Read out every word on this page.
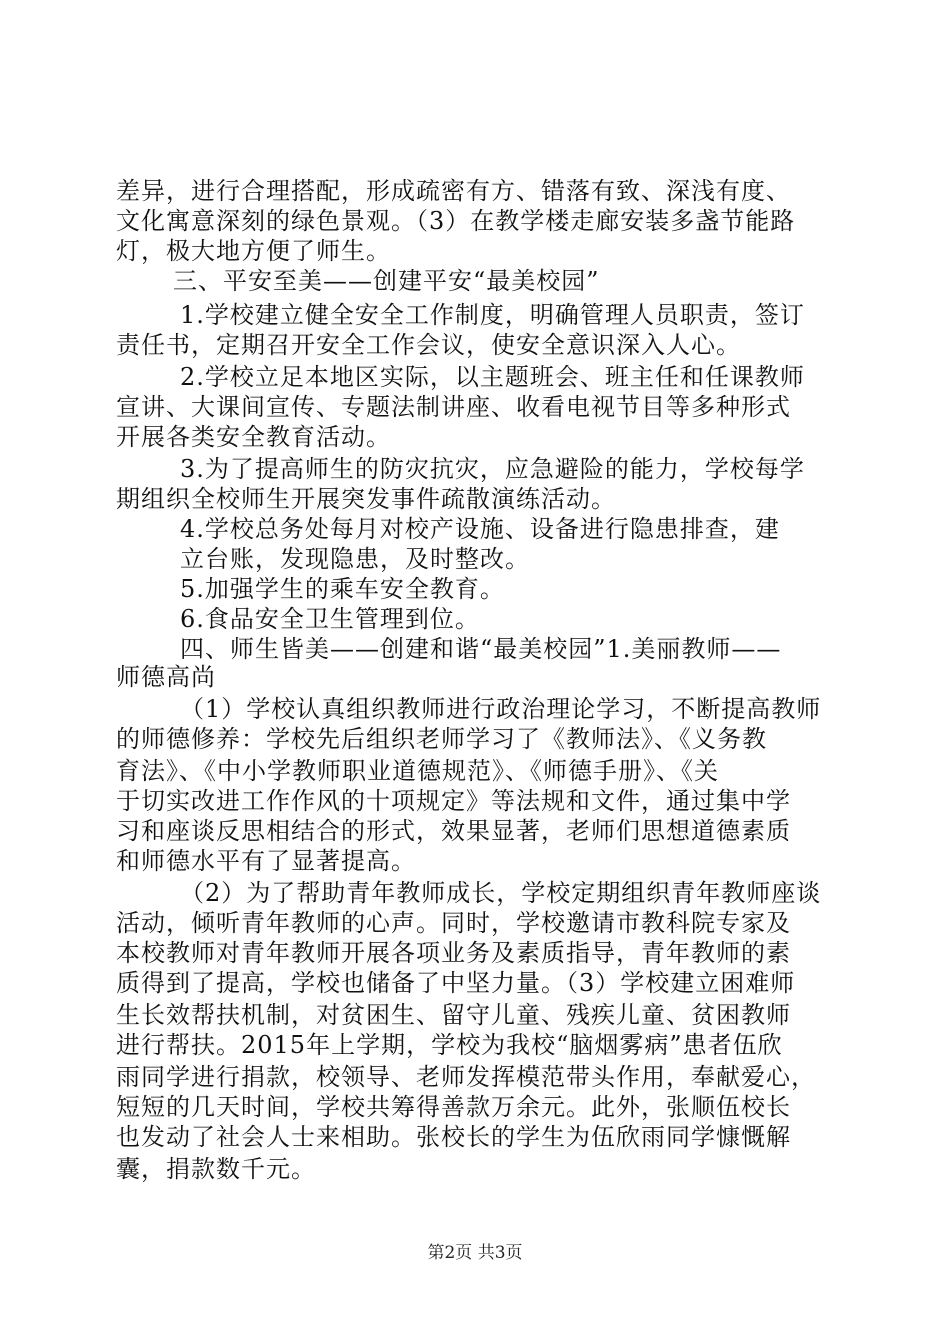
差异，进行合理搭配，形成疏密有方、错落有致、深浅有度、
文化寓意深刻的绿色景观。（3）在教学楼走廊安装多盏节能路
灯，极大地方便了师生。
三、平安至美——创建平安“最美校园”
1.学校建立健全安全工作制度，明确管理人员职责，签订
责任书，定期召开安全工作会议，使安全意识深入人心。
2.学校立足本地区实际，以主题班会、班主任和任课教师
宣讲、大课间宣传、专题法制讲座、收看电视节目等多种形式
开展各类安全教育活动。
3.为了提高师生的防灾抗灾，应急避险的能力，学校每学
期组织全校师生开展突发事件疏散演练活动。
4.学校总务处每月对校产设施、设备进行隐患排查，建
立台账，发现隐患，及时整改。
5.加强学生的乘车安全教育。
6.食品安全卫生管理到位。
四、师生皆美——创建和谐“最美校园”1.美丽教师——
师德高尚
（1）学校认真组织教师进行政治理论学习，不断提高教师
的师德修养：学校先后组织老师学习了《教师法》、《义务教
育法》、《中小学教师职业道德规范》、《师德手册》、《关
于切实改进工作作风的十项规定》等法规和文件，通过集中学
习和座谈反思相结合的形式，效果显著，老师们思想道德素质
和师德水平有了显著提高。
（2）为了帮助青年教师成长，学校定期组织青年教师座谈
活动，倾听青年教师的心声。同时，学校邀请市教科院专家及
本校教师对青年教师开展各项业务及素质指导，青年教师的素
质得到了提高，学校也储备了中坚力量。（3）学校建立困难师
生长效帮扶机制，对贫困生、留守儿童、残疾儿童、贫困教师
进行帮扶。2015年上学期，学校为我校“脑烟雾病”患者伍欣
雨同学进行捐款，校领导、老师发挥模范带头作用，奉献爱心，
短短的几天时间，学校共筹得善款万余元。此外，张顺伍校长
也发动了社会人士来相助。张校长的学生为伍欣雨同学慷慨解
囊，捐款数千元。
第2页 共3页
